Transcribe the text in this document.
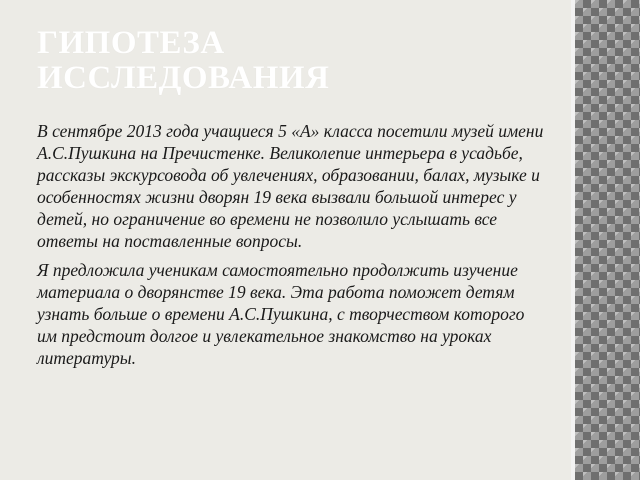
ГИПОТЕЗА ИССЛЕДОВАНИЯ

В сентябре 2013 года учащиеся 5 «А» класса посетили музей имени А.С.Пушкина на Пречистенке. Великолепие интерьера в усадьбе, рассказы экскурсовода об увлечениях, образовании, балах, музыке и особенностях жизни дворян 19 века вызвали большой интерес у детей, но ограничение во времени не позволило услышать все ответы на поставленные вопросы.

Я предложила ученикам самостоятельно продолжить изучение материала о дворянстве 19 века. Эта работа поможет детям узнать больше о времени А.С.Пушкина, с творчеством которого им предстоит долгое и увлекательное знакомство на уроках литературы.
